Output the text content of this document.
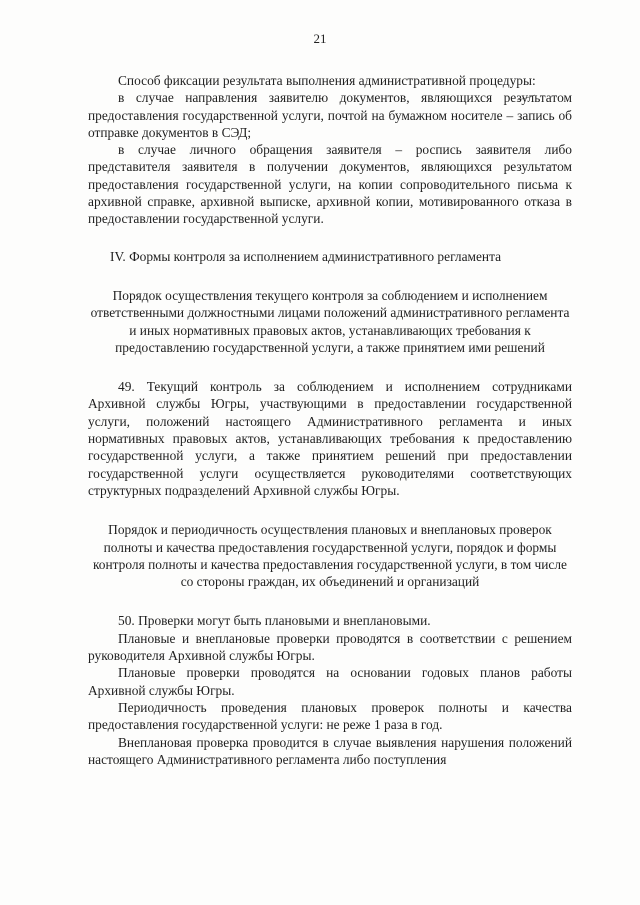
21

Способ фиксации результата выполнения административной процедуры:

в случае направления заявителю документов, являющихся результатом предоставления государственной услуги, почтой на бумажном носителе – запись об отправке документов в СЭД;

в случае личного обращения заявителя – роспись заявителя либо представителя заявителя в получении документов, являющихся результатом предоставления государственной услуги, на копии сопроводительного письма к архивной справке, архивной выписке, архивной копии, мотивированного отказа в предоставлении государственной услуги.

IV. Формы контроля за исполнением административного регламента

Порядок осуществления текущего контроля за соблюдением и исполнением ответственными должностными лицами положений административного регламента и иных нормативных правовых актов, устанавливающих требования к предоставлению государственной услуги, а также принятием ими решений

49. Текущий контроль за соблюдением и исполнением сотрудниками Архивной службы Югры, участвующими в предоставлении государственной услуги, положений настоящего Административного регламента и иных нормативных правовых актов, устанавливающих требования к предоставлению государственной услуги, а также принятием решений при предоставлении государственной услуги осуществляется руководителями соответствующих структурных подразделений Архивной службы Югры.

Порядок и периодичность осуществления плановых и внеплановых проверок полноты и качества предоставления государственной услуги, порядок и формы контроля полноты и качества предоставления государственной услуги, в том числе со стороны граждан, их объединений и организаций

50. Проверки могут быть плановыми и внеплановыми.

Плановые и внеплановые проверки проводятся в соответствии с решением руководителя Архивной службы Югры.

Плановые проверки проводятся на основании годовых планов работы Архивной службы Югры.

Периодичность проведения плановых проверок полноты и качества предоставления государственной услуги: не реже 1 раза в год.

Внеплановая проверка проводится в случае выявления нарушения положений настоящего Административного регламента либо поступления
